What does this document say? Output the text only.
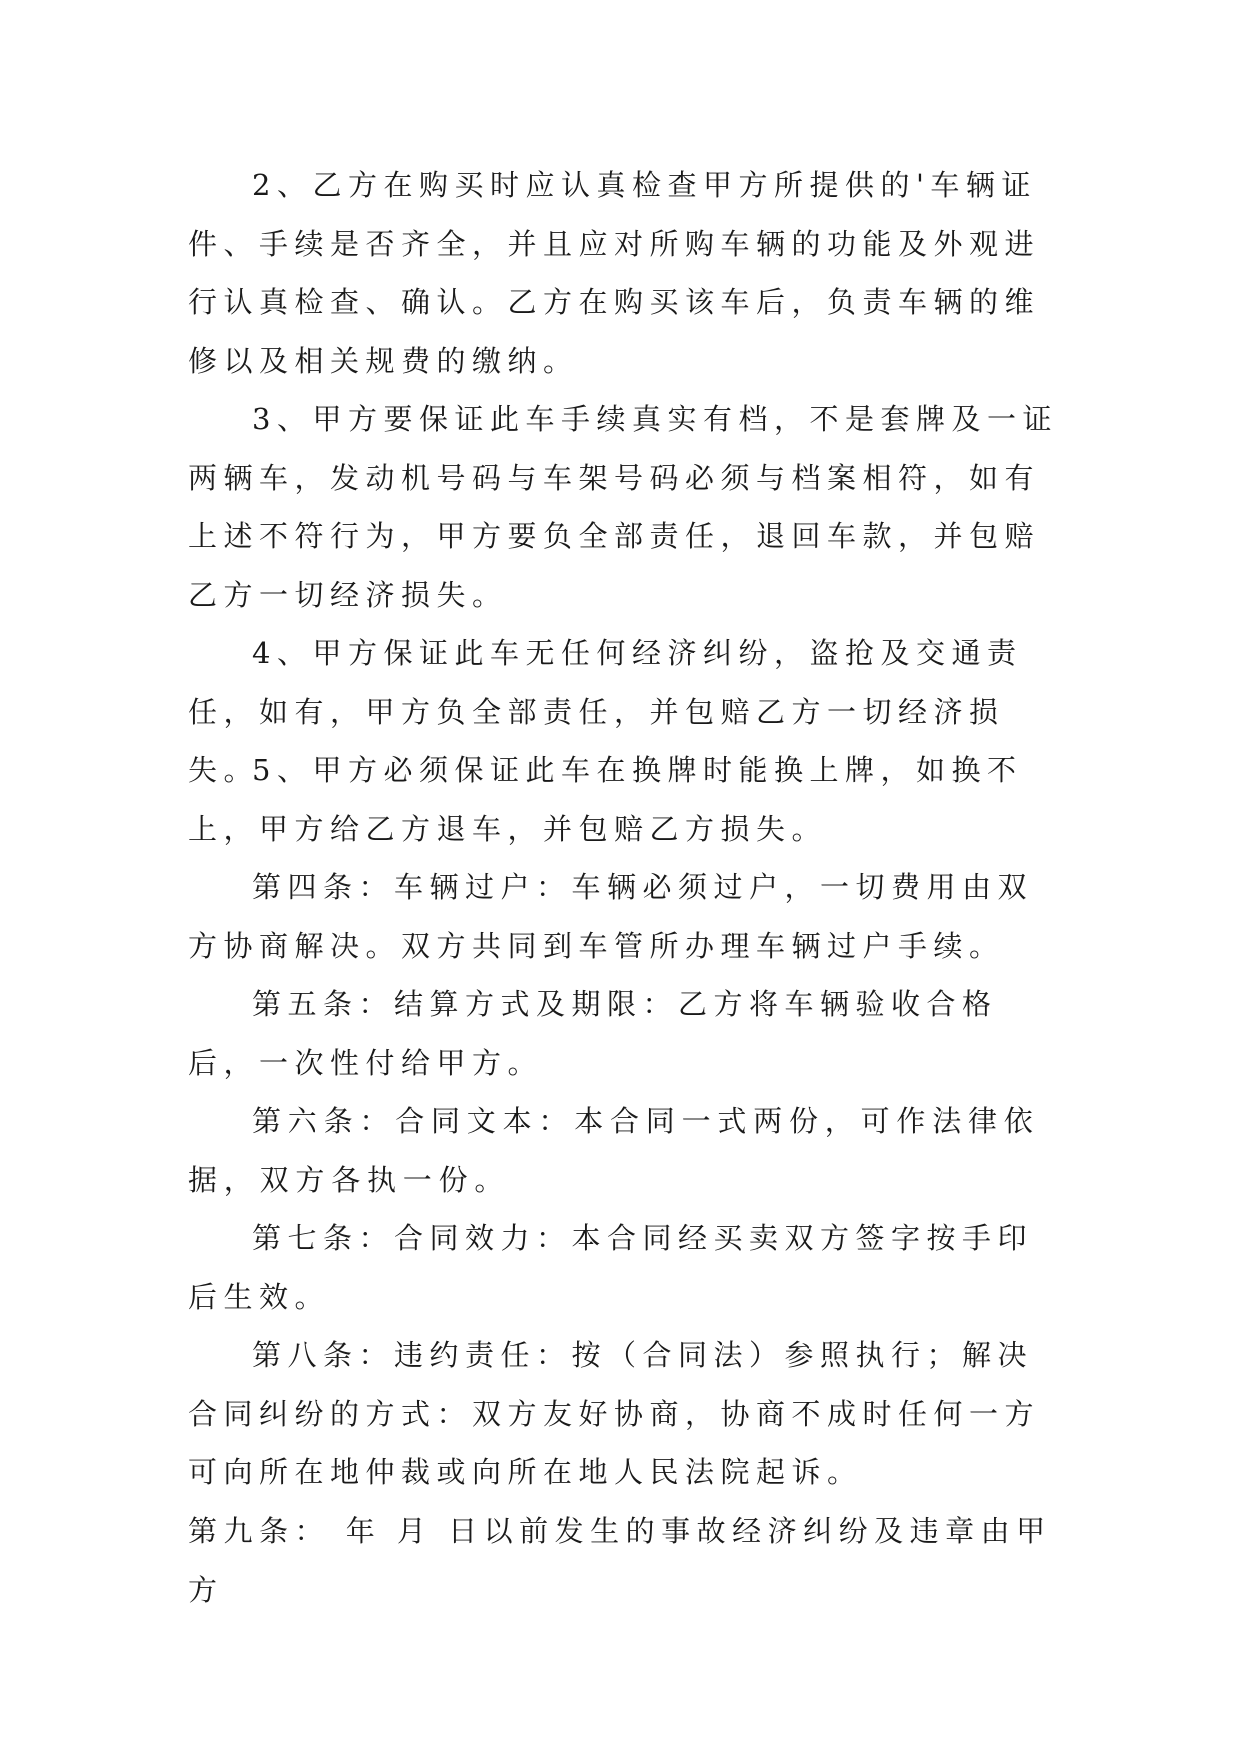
2、乙方在购买时应认真检查甲方所提供的'车辆证件、手续是否齐全，并且应对所购车辆的功能及外观进行认真检查、确认。乙方在购买该车后，负责车辆的维修以及相关规费的缴纳。

3、甲方要保证此车手续真实有档，不是套牌及一证两辆车，发动机号码与车架号码必须与档案相符，如有上述不符行为，甲方要负全部责任，退回车款，并包赔乙方一切经济损失。

4、甲方保证此车无任何经济纠纷，盗抢及交通责任，如有，甲方负全部责任，并包赔乙方一切经济损失。

5、甲方必须保证此车在换牌时能换上牌，如换不上，甲方给乙方退车，并包赔乙方损失。

第四条：车辆过户：车辆必须过户，一切费用由双方协商解决。双方共同到车管所办理车辆过户手续。

第五条：结算方式及期限：乙方将车辆验收合格后，一次性付给甲方。

第六条：合同文本：本合同一式两份，可作法律依据，双方各执一份。

第七条：合同效力：本合同经买卖双方签字按手印后生效。

第八条：违约责任：按（合同法）参照执行；解决合同纠纷的方式：双方友好协商，协商不成时任何一方可向所在地仲裁或向所在地人民法院起诉。

第九条： 年 月 日以前发生的事故经济纠纷及违章由甲方
